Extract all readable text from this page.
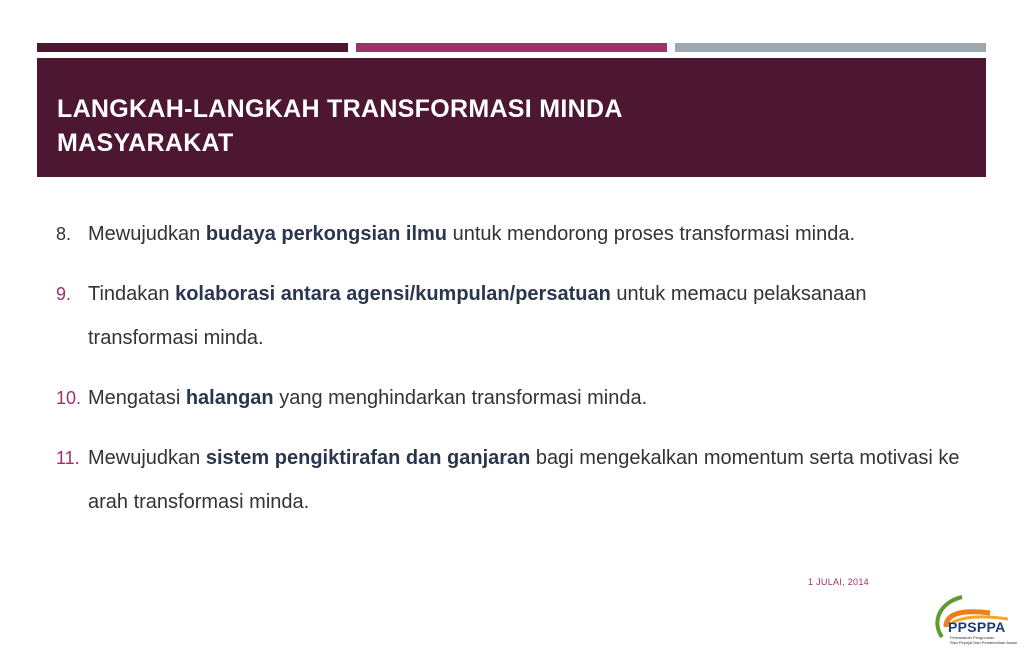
LANGKAH-LANGKAH TRANSFORMASI MINDA
MASYARAKAT
8. Mewujudkan budaya perkongsian ilmu untuk mendorong proses transformasi minda.
9. Tindakan kolaborasi antara agensi/kumpulan/persatuan untuk memacu pelaksanaan transformasi minda.
10. Mengatasi halangan yang menghindarkan transformasi minda.
11. Mewujudkan sistem pengiktirafan dan ganjaran bagi mengekalkan momentum serta motivasi ke arah transformasi minda.
1 JULAI, 2014
PPSPPA
Perbadanan Pengurusan
Sisa Pepejal Dan Pembersihan Awam
